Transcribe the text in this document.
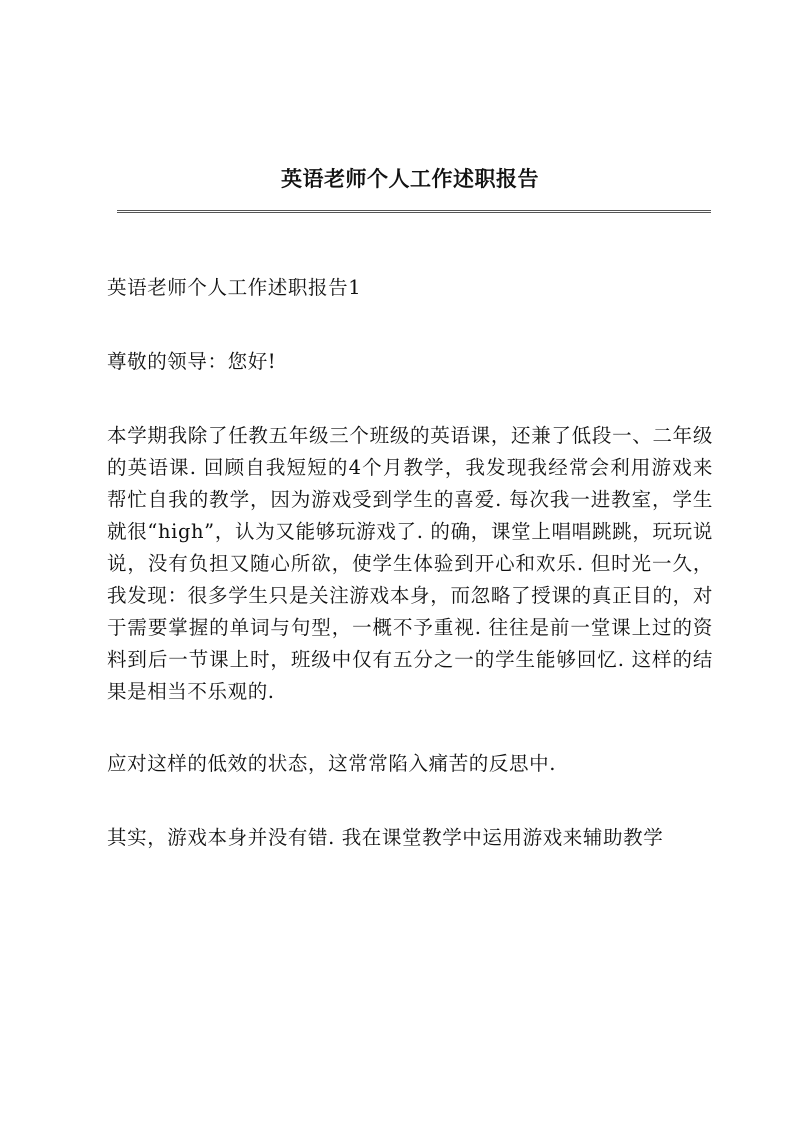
英语老师个人工作述职报告

英语老师个人工作述职报告1

尊敬的领导：您好!

本学期我除了任教五年级三个班级的英语课，还兼了低段一、二年级的英语课. 回顾自我短短的4个月教学，我发现我经常会利用游戏来帮忙自我的教学，因为游戏受到学生的喜爱. 每次我一进教室，学生就很“high”，认为又能够玩游戏了. 的确，课堂上唱唱跳跳，玩玩说说，没有负担又随心所欲，使学生体验到开心和欢乐. 但时光一久，我发现：很多学生只是关注游戏本身，而忽略了授课的真正目的，对于需要掌握的单词与句型，一概不予重视. 往往是前一堂课上过的资料到后一节课上时，班级中仅有五分之一的学生能够回忆. 这样的结果是相当不乐观的.

应对这样的低效的状态，这常常陷入痛苦的反思中.

其实，游戏本身并没有错. 我在课堂教学中运用游戏来辅助教学
